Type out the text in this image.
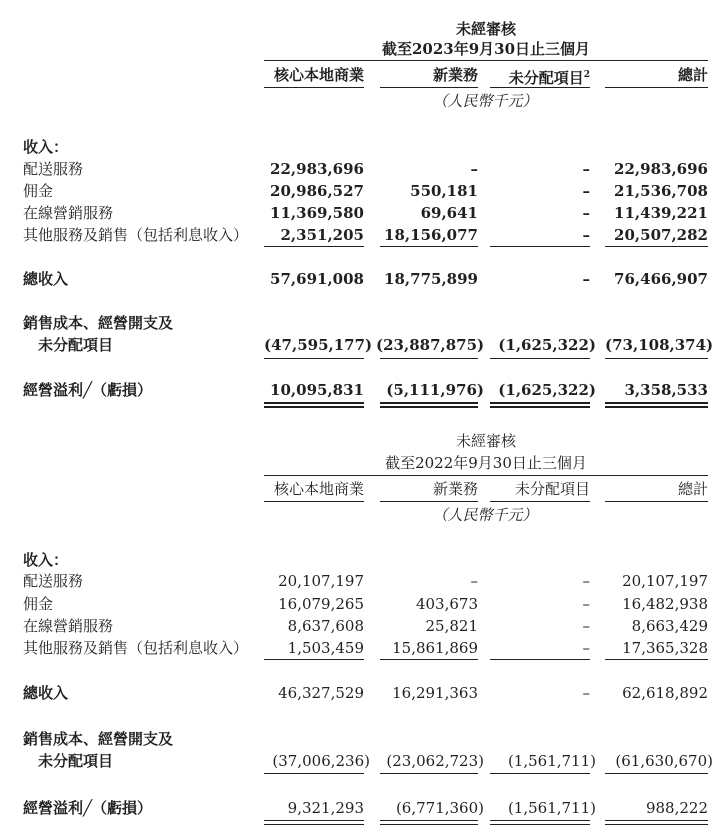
未經審核
截至2023年9月30日止三個月
核心本地商業	新業務	未分配項目$^2$	總計
（人民幣千元）
收入：
配送服務	22,983,696	–	–	22,983,696
佣金	20,986,527	550,181	–	21,536,708
在線營銷服務	11,369,580	69,641	–	11,439,221
其他服務及銷售（包括利息收入）	2,351,205 18,156,077	–	20,507,282
總收入	57,691,008 18,775,899	–	76,466,907
銷售成本、經營開支及
未分配項目	(47,595,177) (23,887,875) (1,625,322) (73,108,374)
經營溢利╱（虧損）	10,095,831	(5,111,976) (1,625,322)	3,358,533
未經審核
截至2022年9月30日止三個月
核心本地商業	新業務	未分配項目	總計
（人民幣千元）
收入：
配送服務	20,107,197	–	–	20,107,197
佣金	16,079,265	403,673	–	16,482,938
在線營銷服務	8,637,608	25,821	–	8,663,429
其他服務及銷售（包括利息收入）	1,503,459	15,861,869	–	17,365,328
總收入	46,327,529	16,291,363	–	62,618,892
銷售成本、經營開支及
未分配項目	(37,006,236)	(23,062,723)	(1,561,711)	(61,630,670)
經營溢利╱（虧損）	9,321,293	(6,771,360)	(1,561,711)	988,222
